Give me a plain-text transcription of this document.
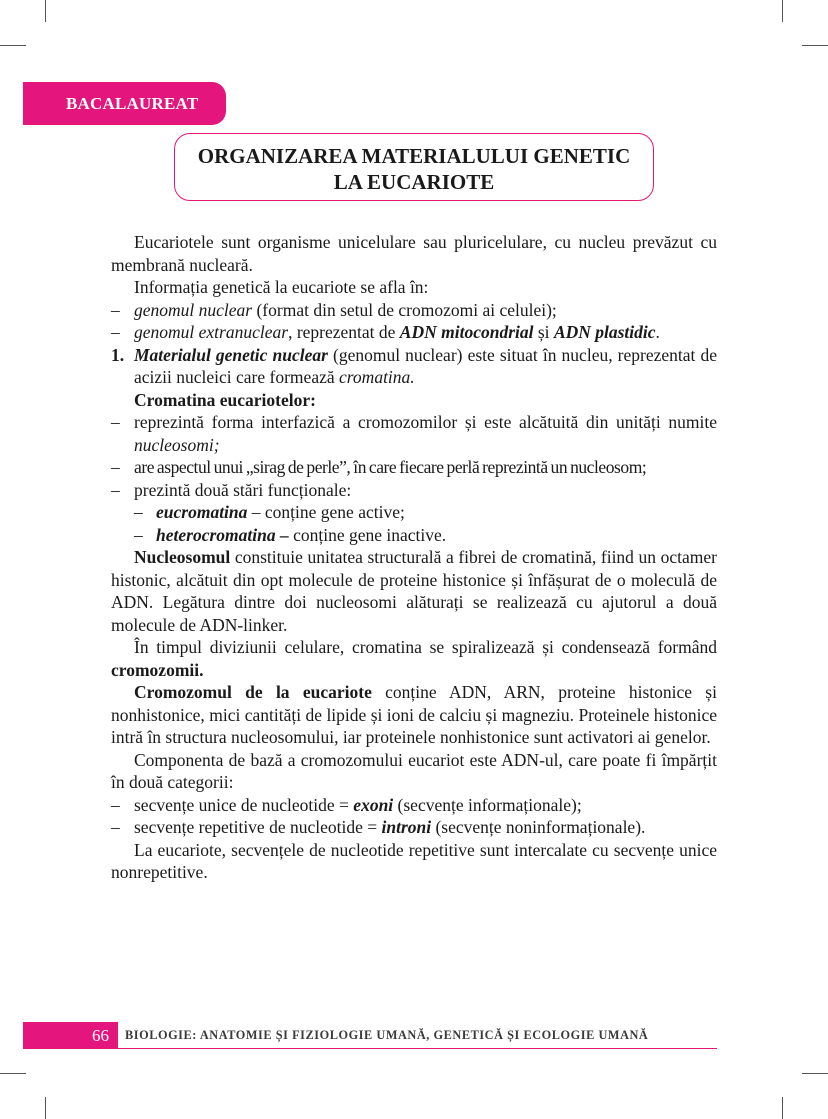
BACALAUREAT
ORGANIZAREA MATERIALULUI GENETIC
LA EUCARIOTE

Eucariotele sunt organisme unicelulare sau pluricelulare, cu nucleu prevăzut cu membrană nucleară.

Informația genetică la eucariote se afla în:

– genomul nuclear (format din setul de cromozomi ai celulei);

– genomul extranuclear, reprezentat de ADN mitocondrial și ADN plastidic.

1. Materialul genetic nuclear (genomul nuclear) este situat în nucleu, reprezentat de acizii nucleici care formează cromatina.

Cromatina eucariotelor:

– reprezintă forma interfazică a cromozomilor și este alcătuită din unități numite nucleosomi;

– are aspectul unui „sirag de perle”, în care fiecare perlă reprezintă un nucleosom;

– prezintă două stări funcționale:

– eucromatina – conține gene active;

– heterocromatina – conține gene inactive.

Nucleosomul constituie unitatea structurală a fibrei de cromatină, fiind un octamer histonic, alcătuit din opt molecule de proteine histonice și înfășurat de o moleculă de ADN. Legătura dintre doi nucleosomi alăturați se realizează cu ajutorul a două molecule de ADN-linker.

În timpul diviziunii celulare, cromatina se spiralizează și condensează formând cromozomii.

Cromozomul de la eucariote conține ADN, ARN, proteine histonice și nonhistonice, mici cantități de lipide și ioni de calciu și magneziu. Proteinele histonice intră în structura nucleosomului, iar proteinele nonhistonice sunt activatori ai genelor.

Componenta de bază a cromozomului eucariot este ADN-ul, care poate fi împărțit în două categorii:

– secvențe unice de nucleotide = exoni (secvențe informaționale);

– secvențe repetitive de nucleotide = introni (secvențe noninformaționale).

La eucariote, secvențele de nucleotide repetitive sunt intercalate cu secvențe unice nonrepetitive.

66	BIOLOGIE: ANATOMIE ȘI FIZIOLOGIE UMANĂ, GENETICĂ ȘI ECOLOGIE UMANĂ
